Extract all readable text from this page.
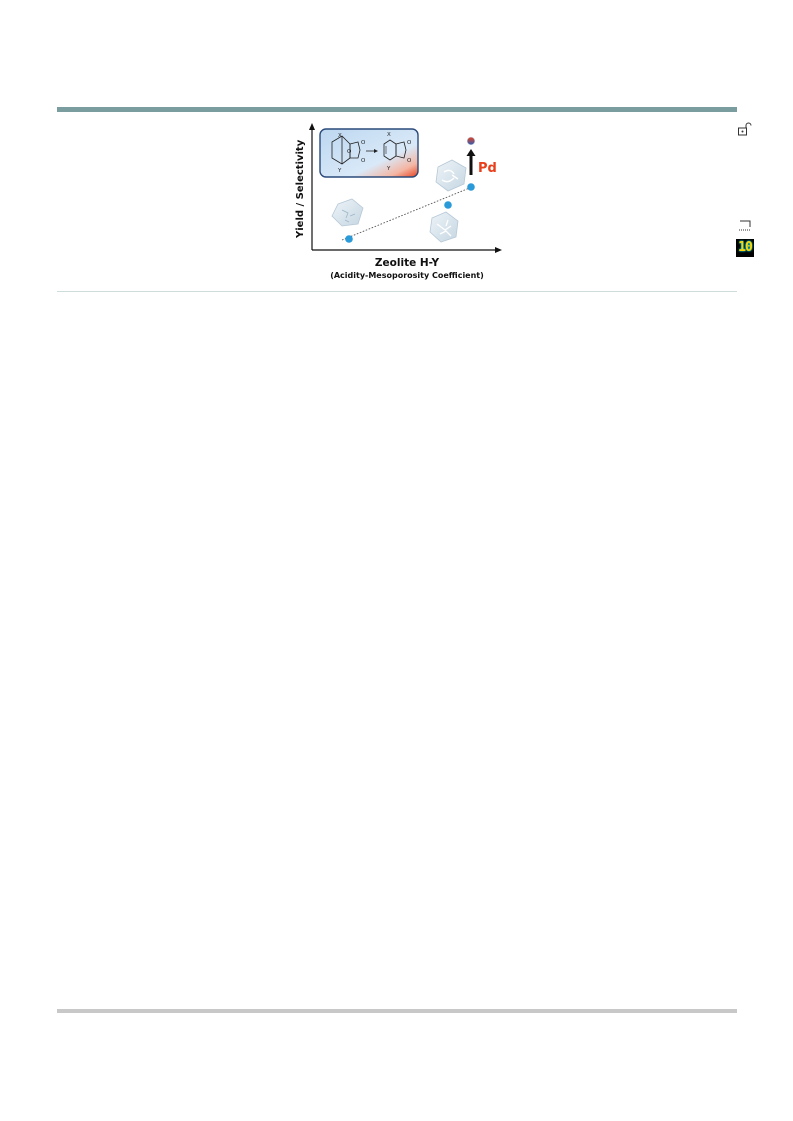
Yield / Selectivity
Zeolite H-Y
(Acidity-Mesoporosity Coefficient)
X
Y
O
O
O
X
Y
O
O	Pd
10
